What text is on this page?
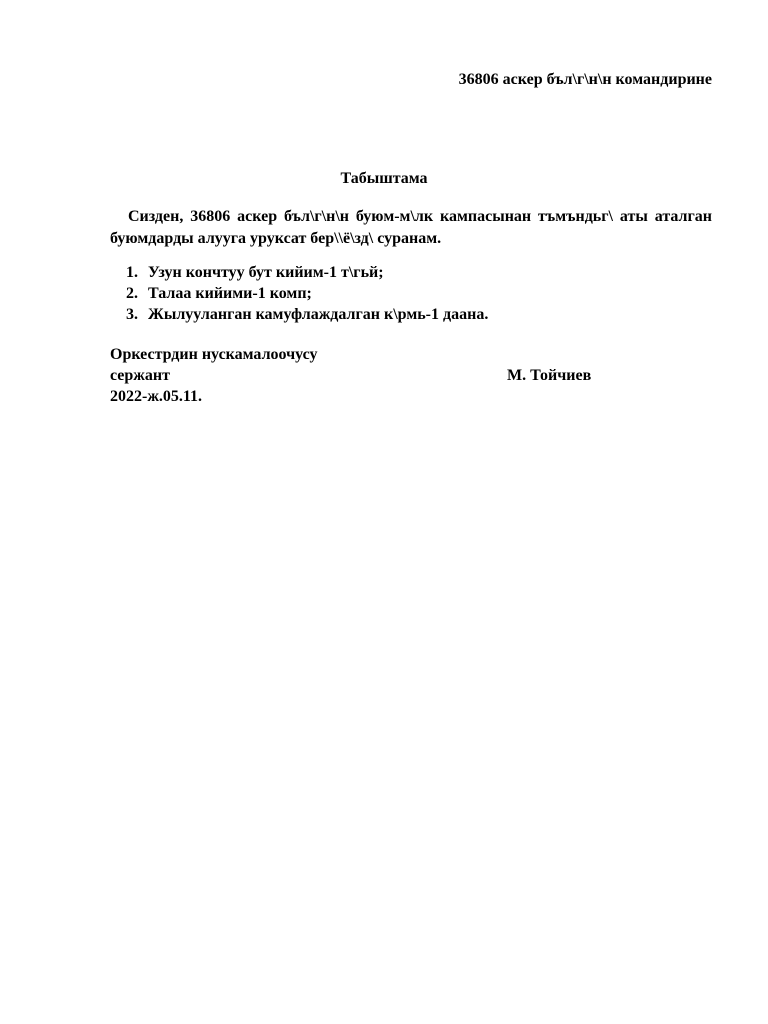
36806 аскер бъл\г\н\н командирине
Табыштама

Сизден, 36806 аскер бъл\г\н\н буюм-м\лк кампасынан тъмъндьг\ аты аталган буюмдарды алууга уруксат бер\\ё\зд\ суранам.

1. Узун кончтуу бут кийим-1 т\гьй;
2. Талаа кийими-1 комп;
3. Жылууланган камуфлаждалган к\рмь-1 даана.
Оркестрдин нускамалоочусу
сержант	М. Тойчиев
2022-ж.05.11.
